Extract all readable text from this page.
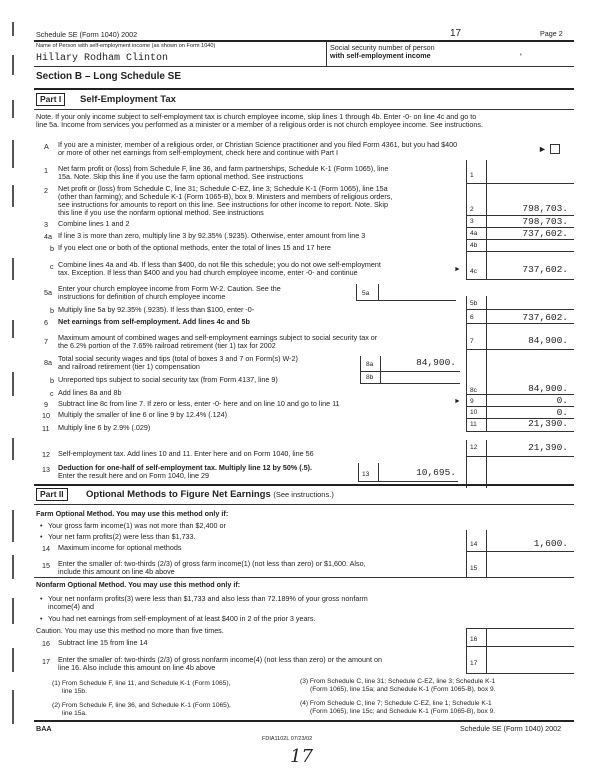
Schedule SE (Form 1040) 2002	17	Page 2
Name of Person with self-employment income (as shown on Form 1040)
Hillary Rodham Clinton
Social security number of person
with self-employment income	'
Section B – Long Schedule SE
Part I	Self-Employment Tax
Note. If your only income subject to self-employment tax is church employee income, skip lines 1 through 4b. Enter -0- on line 4c and go to
line 5a. Income from services you performed as a minister or a member of a religious order is not church employee income. See instructions.
A If you are a minister, member of a religious order, or Christian Science practitioner and you filed Form 4361, but you had $400
or more of other net earnings from self-employment, check here and continue with Part I	►
1 Net farm profit or (loss) from Schedule F, line 36, and farm partnerships, Schedule K-1 (Form 1065), line
15a. Note. Skip this line if you use the farm optional method. See instructions	1
2 Net profit or (loss) from Schedule C, line 31; Schedule C-EZ, line 3; Schedule K-1 (Form 1065), line 15a
(other than farming); and Schedule K-1 (Form 1065-B), box 9. Ministers and members of religious orders,
see instructions for amounts to report on this line. See instructions for other income to report. Note. Skip
this line if you use the nonfarm optional method. See instructions	2	798,703.
3 Combine lines 1 and 2	3	798,703.
4a If line 3 is more than zero, multiply line 3 by 92.35% (.9235). Otherwise, enter amount from line 3	4a	737,602.
b If you elect one or both of the optional methods, enter the total of lines 15 and 17 here	4b
c Combine lines 4a and 4b. If less than $400, do not file this schedule; you do not owe self-employment
tax. Exception. If less than $400 and you had church employee income, enter -0- and continue	► 4c	737,602.
5a Enter your church employee income from Form W-2. Caution. See the
instructions for definition of church employee income	5a
b Multiply line 5a by 92.35% (.9235). If less than $100, enter -0-
5b
6 Net earnings from self-employment. Add lines 4c and 5b	6	737,602.
7 Maximum amount of combined wages and self-employment earnings subject to social security tax or
the 6.2% portion of the 7.65% railroad retirement (tier 1) tax for 2002	7	84,900.
8a Total social security wages and tips (total of boxes 3 and 7 on Form(s) W-2)
and railroad retirement (tier 1) compensation	8a	84,900.
b Unreported tips subject to social security tax (from Form 4137, line 9)	8b
c Add lines 8a and 8b	8c	84,900.
9 Subtract line 8c from line 7. If zero or less, enter -0- here and on line 10 and go to line 11	► 9	0.
10 Multiply the smaller of line 6 or line 9 by 12.4% (.124)	10	0.
11 Multiply line 6 by 2.9% (.029)	11	21,390.
12 Self-employment tax. Add lines 10 and 11. Enter here and on Form 1040, line 56
12	21,390.
13 Deduction for one-half of self-employment tax. Multiply line 12 by 50% (.5).
Enter the result here and on Form 1040, line 29	13	10,695.
Part II	Optional Methods to Figure Net Earnings (See instructions.)
Farm Optional Method. You may use this method only if:
• Your gross farm income(1) was not more than $2,400 or
• Your net farm profits(2) were less than $1,733.
14 Maximum income for optional methods	14	1,600.
15 Enter the smaller of: two-thirds (2/3) of gross farm income(1) (not less than zero) or $1,600. Also,
include this amount on line 4b above	15
Nonfarm Optional Method. You may use this method only if:
• Your net nonfarm profits(3) were less than $1,733 and also less than 72.189% of your gross nonfarm
income(4) and
• You had net earnings from self-employment of at least $400 in 2 of the prior 3 years.
Caution. You may use this method no more than five times.
16 Subtract line 15 from line 14	16
17 Enter the smaller of: two-thirds (2/3) of gross nonfarm income(4) (not less than zero) or the amount on
line 16. Also include this amount on line 4b above	17
(1) From Schedule F, line 11, and Schedule K-1 (Form 1065),
line 15b.
(2) From Schedule F, line 36, and Schedule K-1 (Form 1065),
line 15a.
(3) From Schedule C, line 31; Schedule C-EZ, line 3; Schedule K-1
(Form 1065), line 15a; and Schedule K-1 (Form 1065-B), box 9.
(4) From Schedule C, line 7; Schedule C-EZ, line 1; Schedule K-1
(Form 1065), line 15c; and Schedule K-1 (Form 1065-B), box 9.
BAA	Schedule SE (Form 1040) 2002
FDIA1102L 07/23/02
17
